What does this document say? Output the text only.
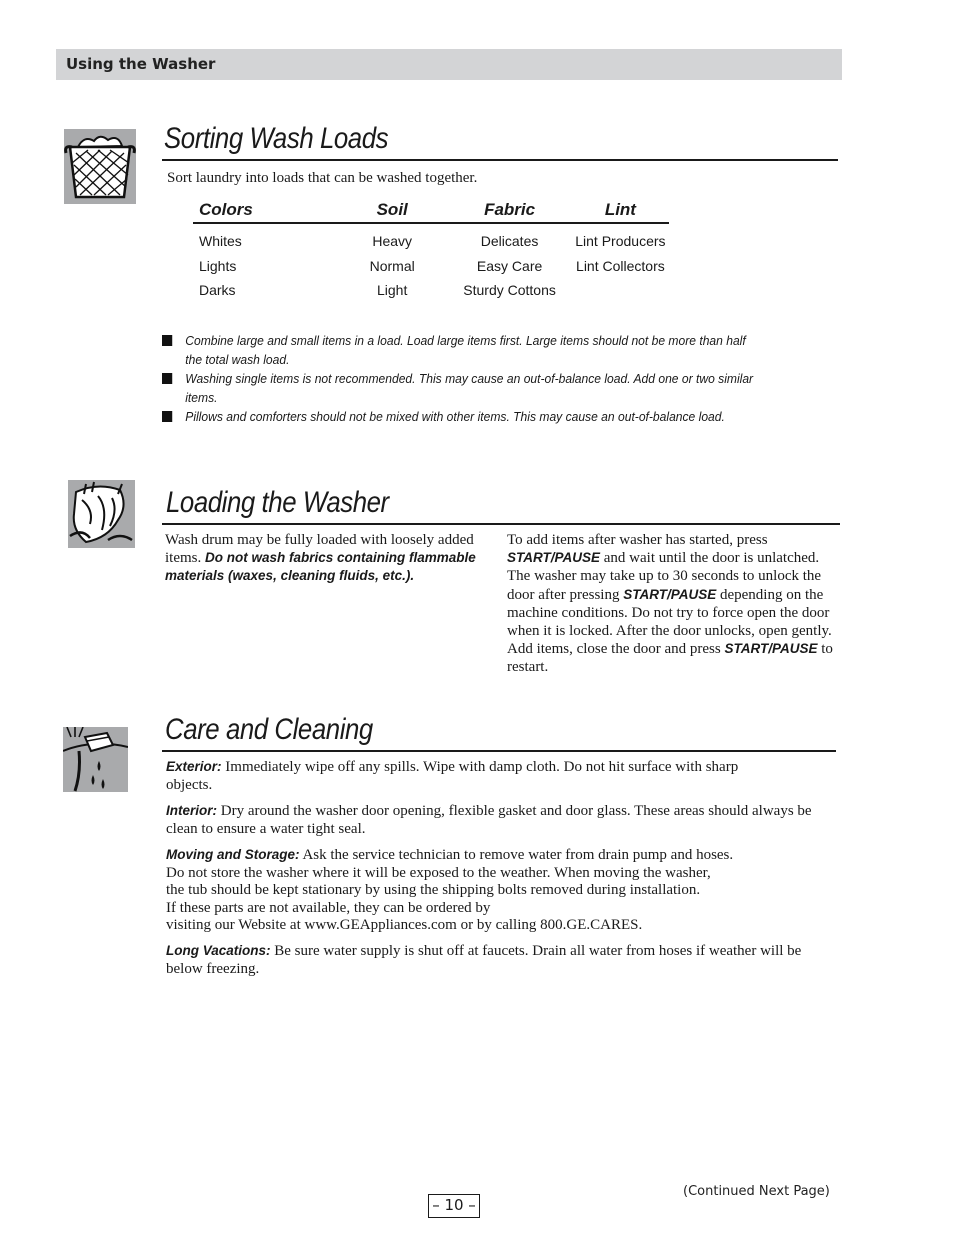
Using the Washer
Sorting Wash Loads
Sort laundry into loads that can be washed together.
Colors	Soil	Fabric	Lint
Whites	Heavy	Delicates	Lint Producers
Lights	Normal	Easy Care	Lint Collectors
Darks	Light	Sturdy Cottons	
Combine large and small items in a load. Load large items first. Large items should not be more than half the total wash load.
Washing single items is not recommended. This may cause an out-of-balance load. Add one or two similar items.
Pillows and comforters should not be mixed with other items. This may cause an out-of-balance load.
Loading the Washer
Wash drum may be fully loaded with loosely added items. Do not wash fabrics containing flammable materials (waxes, cleaning fluids, etc.).
To add items after washer has started, press START/PAUSE and wait until the door is unlatched. The washer may take up to 30 seconds to unlock the door after pressing START/PAUSE depending on the machine conditions. Do not try to force open the door when it is locked. After the door unlocks, open gently. Add items, close the door and press START/PAUSE to restart.
Care and Cleaning

Exterior: Immediately wipe off any spills. Wipe with damp cloth. Do not hit surface with sharp objects.

Interior: Dry around the washer door opening, flexible gasket and door glass. These areas should always be clean to ensure a water tight seal.

Moving and Storage: Ask the service technician to remove water from drain pump and hoses.

Do not store the washer where it will be exposed to the weather. When moving the washer,

the tub should be kept stationary by using the shipping bolts removed during installation.

If these parts are not available, they can be ordered by

visiting our Website at www.GEAppliances.com or by calling 800.GE.CARES.

Long Vacations: Be sure water supply is shut off at faucets. Drain all water from hoses if weather will be below freezing.

(Continued Next Page)
– 10 –
